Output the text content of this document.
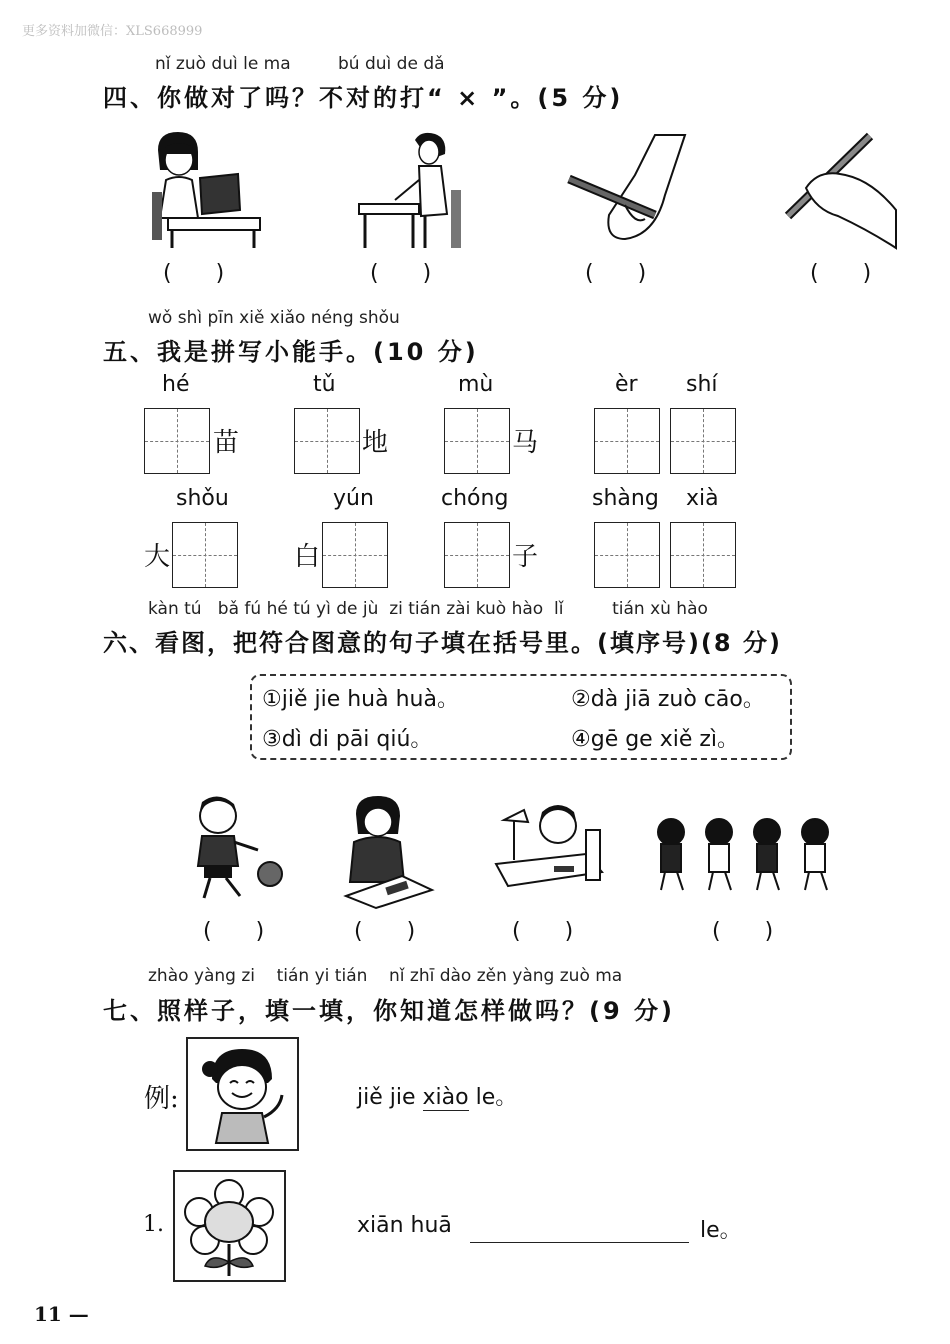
更多资料加微信：XLS668999
nǐ zuò duì le ma	bú duì de dǎ
四、你做对了吗？不对的打“ × ”。(5 分)
(　　)	(　　)	(　　)	(　　)
wǒ shì pīn xiě xiǎo néng shǒu
五、我是拼写小能手。(10 分)
hé	tǔ	mù	èr shí
苗	地	马
shǒu	yún	chóng	shàng xià
大	白	子
kàn tú   bǎ fú hé tú yì de jù  zi tián zài kuò hào  lǐ         tián xù hào
六、看图，把符合图意的句子填在括号里。(填序号)(8 分)
①jiě jie huà huà。	②dà jiā zuò cāo。
③dì di pāi qiú。	④gē ge xiě zì。
(　　)	(　　)	(　　)	(　　)
zhào yàng zi    tián yi tián    nǐ zhī dào zěn yàng zuò ma
七、照样子，填一填，你知道怎样做吗？(9 分)
例:	jiě jie xiào le。
1.	xiān huā	le。
11 —
